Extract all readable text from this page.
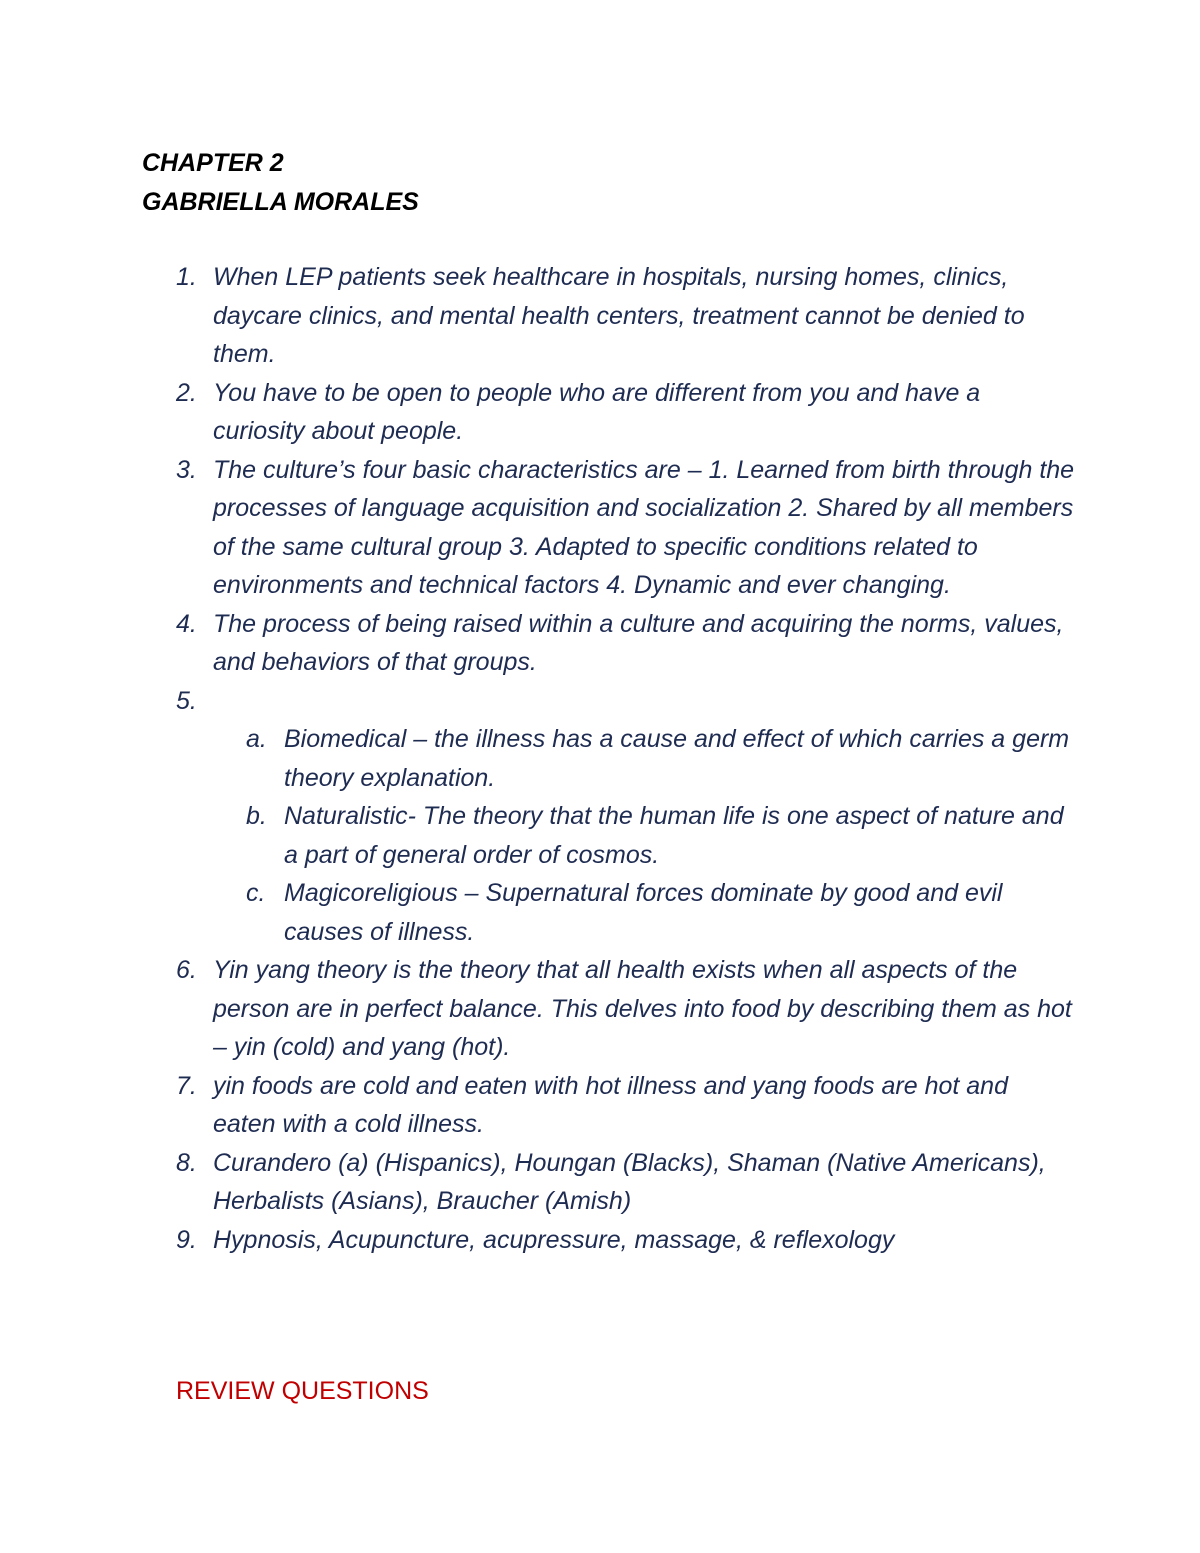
CHAPTER 2
GABRIELLA MORALES
1. When LEP patients seek healthcare in hospitals, nursing homes, clinics, daycare clinics, and mental health centers, treatment cannot be denied to them.
2. You have to be open to people who are different from you and have a curiosity about people.
3. The culture’s four basic characteristics are – 1. Learned from birth through the processes of language acquisition and socialization 2. Shared by all members of the same cultural group 3. Adapted to specific conditions related to environments and technical factors 4. Dynamic and ever changing.
4. The process of being raised within a culture and acquiring the norms, values, and behaviors of that groups.
5.
a. Biomedical – the illness has a cause and effect of which carries a germ theory explanation.
b. Naturalistic- The theory that the human life is one aspect of nature and a part of general order of cosmos.
c. Magicoreligious – Supernatural forces dominate by good and evil causes of illness.
6. Yin yang theory is the theory that all health exists when all aspects of the person are in perfect balance. This delves into food by describing them as hot – yin (cold) and yang (hot).
7. yin foods are cold and eaten with hot illness and yang foods are hot and eaten with a cold illness.
8. Curandero (a) (Hispanics), Houngan (Blacks), Shaman (Native Americans), Herbalists (Asians), Braucher (Amish)
9. Hypnosis, Acupuncture, acupressure, massage, & reflexology
REVIEW QUESTIONS
